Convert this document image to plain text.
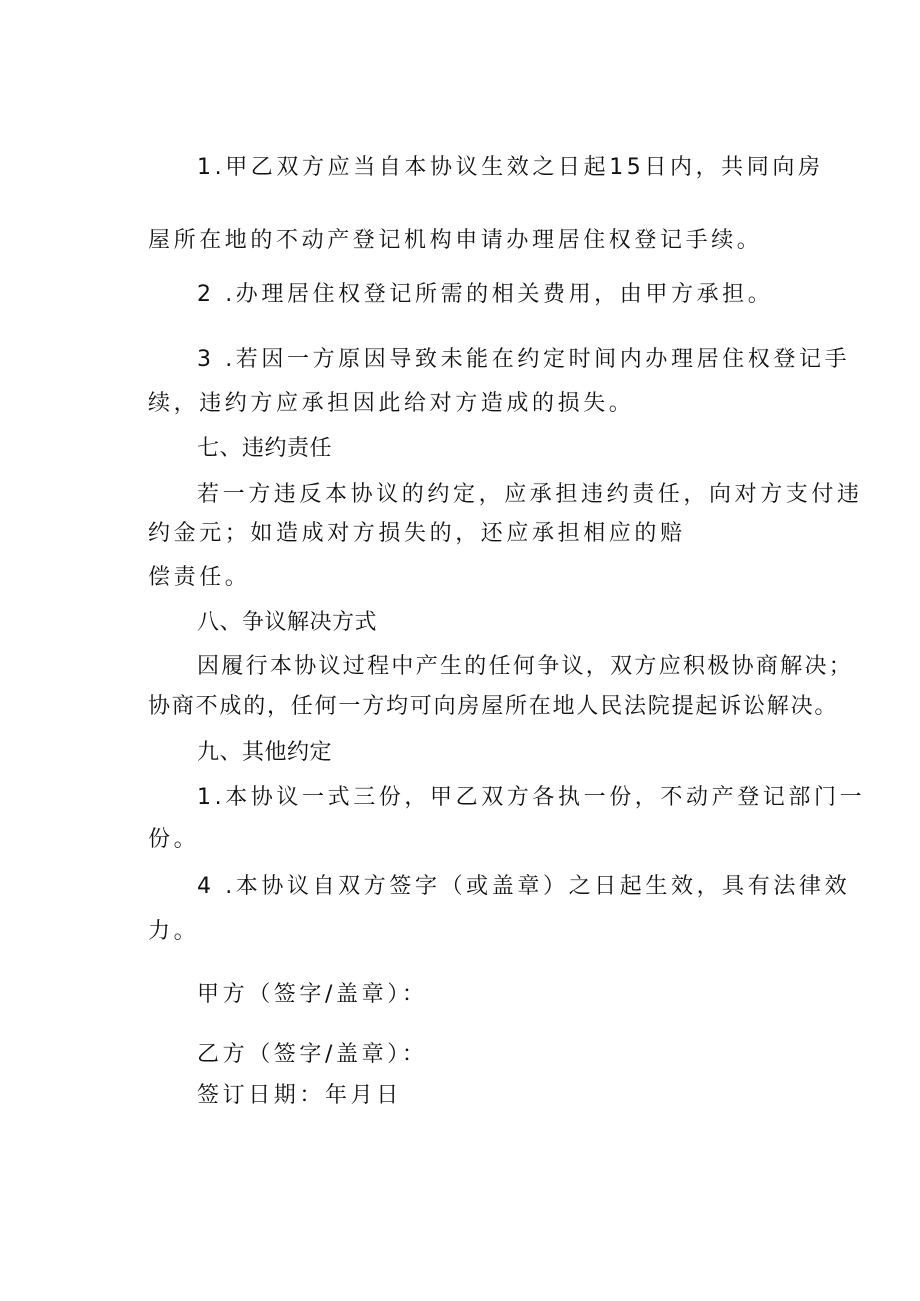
1.甲乙双方应当自本协议生效之日起15日内，共同向房
屋所在地的不动产登记机构申请办理居住权登记手续。
2 .办理居住权登记所需的相关费用，由甲方承担。
3 .若因一方原因导致未能在约定时间内办理居住权登记手
续，违约方应承担因此给对方造成的损失。
七、违约责任
若一方违反本协议的约定，应承担违约责任，向对方支付违
约金元；如造成对方损失的，还应承担相应的赔
偿责任。
八、争议解决方式
因履行本协议过程中产生的任何争议，双方应积极协商解决；
协商不成的，任何一方均可向房屋所在地人民法院提起诉讼解决。
九、其他约定
1.本协议一式三份，甲乙双方各执一份，不动产登记部门一
份。
4 .本协议自双方签字（或盖章）之日起生效，具有法律效
力。
甲方（签字/盖章）：
乙方（签字/盖章）：
签订日期：年月日
